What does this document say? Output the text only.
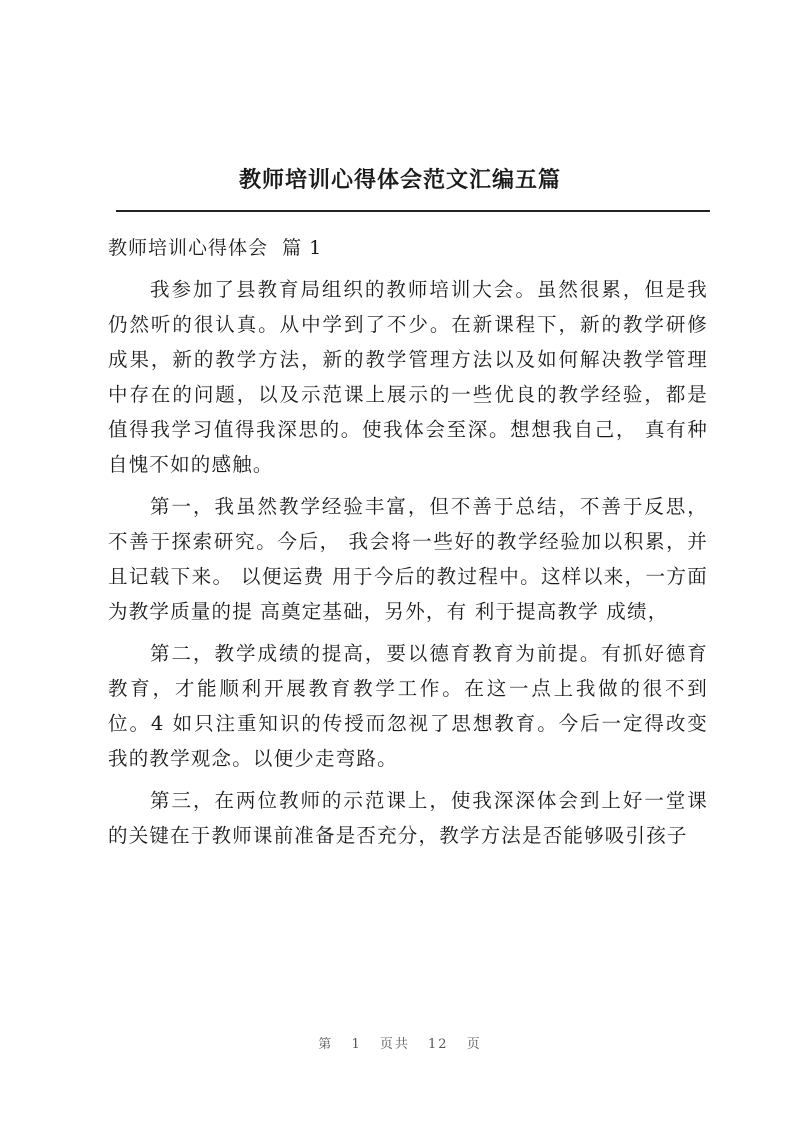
教师培训心得体会范文汇编五篇
教师培训心得体会  篇 1

我参加了县教育局组织的教师培训大会。虽然很累，但是我仍然听的很认真。从中学到了不少。在新课程下，新的教学研修成果，新的教学方法，新的教学管理方法以及如何解决教学管理中存在的问题，以及示范课上展示的一些优良的教学经验，都是值得我学习值得我深思的。使我体会至深。想想我自己， 真有种自愧不如的感触。

第一，我虽然教学经验丰富，但不善于总结，不善于反思，不善于探索研究。今后， 我会将一些好的教学经验加以积累，并且记载下来。 以便运费 用于今后的教过程中。这样以来，一方面为教学质量的提 高奠定基础，另外，有 利于提高教学 成绩，

第二，教学成绩的提高，要以德育教育为前提。有抓好德育教育，才能顺利开展教育教学工作。在这一点上我做的很不到位。4 如只注重知识的传授而忽视了思想教育。今后一定得改变我的教学观念。以便少走弯路。

第三，在两位教师的示范课上，使我深深体会到上好一堂课的关键在于教师课前准备是否充分，教学方法是否能够吸引孩子

第 1 页共 12 页
